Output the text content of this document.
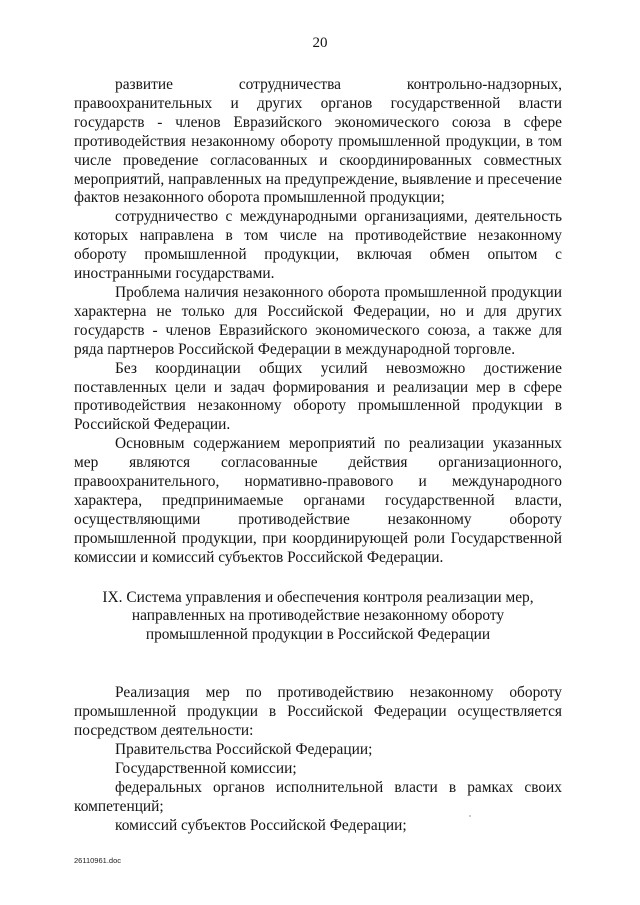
20

развитие сотрудничества контрольно-надзорных, правоохранительных и других органов государственной власти государств - членов Евразийского экономического союза в сфере противодействия незаконному обороту промышленной продукции, в том числе проведение согласованных и скоординированных совместных мероприятий, направленных на предупреждение, выявление и пресечение фактов незаконного оборота промышленной продукции;

сотрудничество с международными организациями, деятельность которых направлена в том числе на противодействие незаконному обороту промышленной продукции, включая обмен опытом с иностранными государствами.

Проблема наличия незаконного оборота промышленной продукции характерна не только для Российской Федерации, но и для других государств - членов Евразийского экономического союза, а также для ряда партнеров Российской Федерации в международной торговле.

Без координации общих усилий невозможно достижение поставленных цели и задач формирования и реализации мер в сфере противодействия незаконному обороту промышленной продукции в Российской Федерации.

Основным содержанием мероприятий по реализации указанных мер являются согласованные действия организационного, правоохранительного, нормативно-правового и международного характера, предпринимаемые органами государственной власти, осуществляющими противодействие незаконному обороту промышленной продукции, при координирующей роли Государственной комиссии и комиссий субъектов Российской Федерации.

IX. Система управления и обеспечения контроля реализации мер,
направленных на противодействие незаконному обороту
промышленной продукции в Российской Федерации

Реализация мер по противодействию незаконному обороту промышленной продукции в Российской Федерации осуществляется посредством деятельности:

Правительства Российской Федерации;

Государственной комиссии;

федеральных органов исполнительной власти в рамках своих компетенций;

комиссий субъектов Российской Федерации;

26110961.doc
